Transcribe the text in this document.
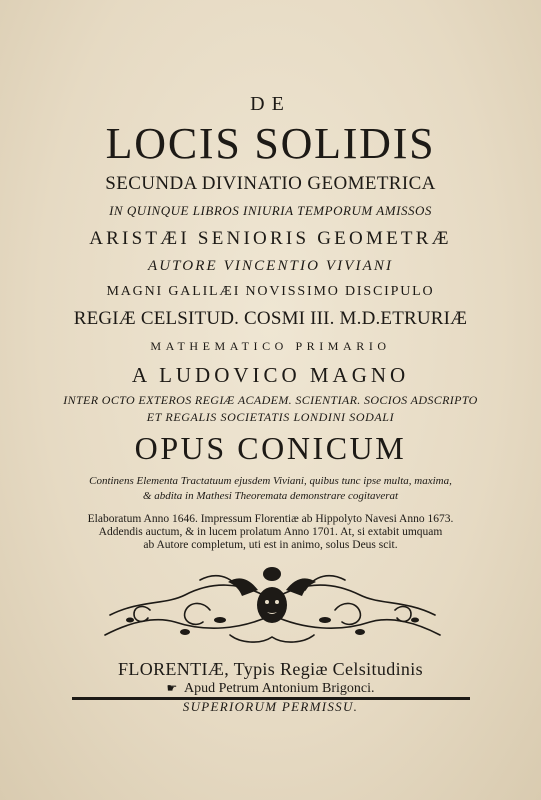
DE
LOCIS SOLIDIS
SECUNDA DIVINATIO GEOMETRICA
IN QUINQUE LIBROS INIURIA TEMPORUM AMISSOS
ARISTÆI SENIORIS GEOMETRÆ
AUTORE VINCENTIO VIVIANI
MAGNI GALILÆI NOVISSIMO DISCIPULO
REGIÆ CELSITUD. COSMI III. M.D.ETRURIÆ
MATHEMATICO PRIMARIO
A LUDOVICO MAGNO
INTER OCTO EXTEROS REGIÆ ACADEM. SCIENTIAR. SOCIOS ADSCRIPTO
ET REGALIS SOCIETATIS LONDINI SODALI
OPUS CONICUM
Continens Elementa Tractatuum ejusdem Viviani, quibus tunc ipse multa, maxima,
& abdita in Mathesi Theoremata demonstrare cogitaverat
Elaboratum Anno 1646. Impressum Florentiæ ab Hippolyto Navesi Anno 1673.
Addendis auctum, & in lucem prolatum Anno 1701. At, si extabit umquam
ab Autore completum, uti est in animo, solus Deus scit.
FLORENTIÆ, Typis Regiæ Celsitudinis
☛ Apud Petrum Antonium Brigonci.
SUPERIORUM PERMISSU.
